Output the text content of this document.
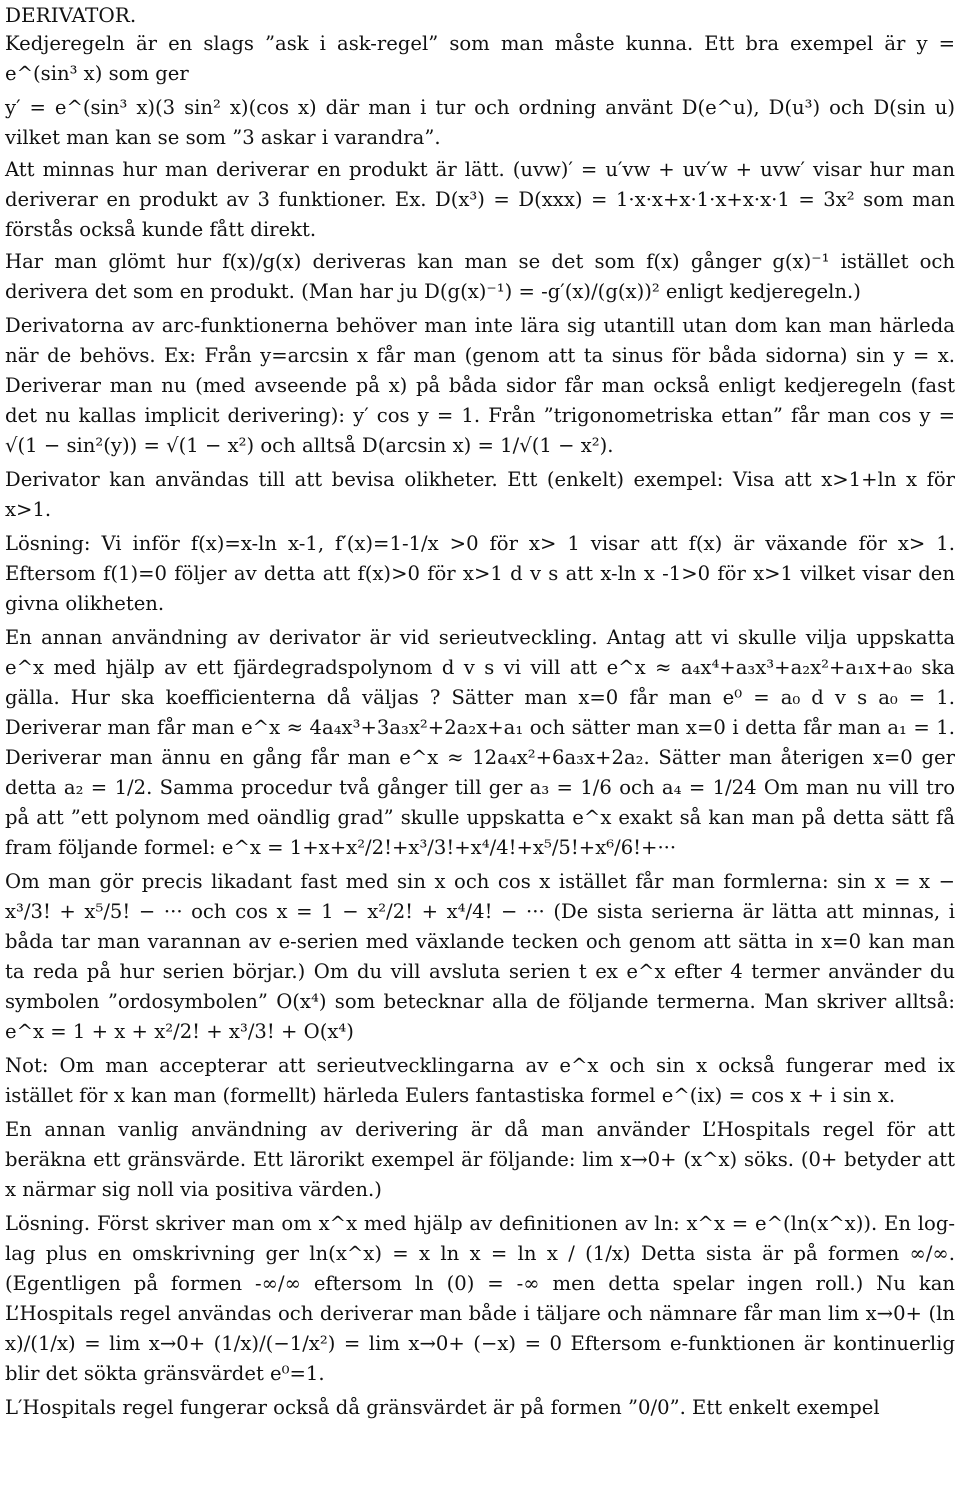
DERIVATOR.

Kedjeregeln är en slags ”ask i ask-regel” som man måste kunna. Ett bra exempel är y = e^(sin³ x) som ger

y′ = e^(sin³ x)(3 sin² x)(cos x) där man i tur och ordning använt D(e^u), D(u³) och D(sin u) vilket man kan se som ”3 askar i varandra”.

Att minnas hur man deriverar en produkt är lätt. (uvw)′ = u′vw + uv′w + uvw′ visar hur man deriverar en produkt av 3 funktioner. Ex. D(x³) = D(xxx) = 1·x·x+x·1·x+x·x·1 = 3x² som man förstås också kunde fått direkt.

Har man glömt hur f(x)/g(x) deriveras kan man se det som f(x) gånger g(x)⁻¹ istället och derivera det som en produkt. (Man har ju D(g(x)⁻¹) = -g′(x)/(g(x))² enligt kedjeregeln.)

Derivatorna av arc-funktionerna behöver man inte lära sig utantill utan dom kan man härleda när de behövs. Ex: Från y=arcsin x får man (genom att ta sinus för båda sidorna) sin y = x. Deriverar man nu (med avseende på x) på båda sidor får man också enligt kedjeregeln (fast det nu kallas implicit derivering): y′ cos y = 1. Från ”trigonometriska ettan” får man cos y = √(1 − sin²(y)) = √(1 − x²) och alltså D(arcsin x) = 1/√(1 − x²).

Derivator kan användas till att bevisa olikheter. Ett (enkelt) exempel: Visa att x>1+ln x för x>1.

Lösning: Vi inför f(x)=x-ln x-1, f′(x)=1-1/x >0 för x> 1 visar att f(x) är växande för x> 1. Eftersom f(1)=0 följer av detta att f(x)>0 för x>1 d v s att x-ln x -1>0 för x>1 vilket visar den givna olikheten.

En annan användning av derivator är vid serieutveckling. Antag att vi skulle vilja uppskatta e^x med hjälp av ett fjärdegradspolynom d v s vi vill att e^x ≈ a₄x⁴+a₃x³+a₂x²+a₁x+a₀ ska gälla. Hur ska koefficienterna då väljas ? Sätter man x=0 får man e⁰ = a₀ d v s a₀ = 1. Deriverar man får man e^x ≈ 4a₄x³+3a₃x²+2a₂x+a₁ och sätter man x=0 i detta får man a₁ = 1. Deriverar man ännu en gång får man e^x ≈ 12a₄x²+6a₃x+2a₂. Sätter man återigen x=0 ger detta a₂ = 1/2. Samma procedur två gånger till ger a₃ = 1/6 och a₄ = 1/24 Om man nu vill tro på att ”ett polynom med oändlig grad” skulle uppskatta e^x exakt så kan man på detta sätt få fram följande formel: e^x = 1+x+x²/2!+x³/3!+x⁴/4!+x⁵/5!+x⁶/6!+···

Om man gör precis likadant fast med sin x och cos x istället får man formlerna: sin x = x − x³/3! + x⁵/5! − ··· och cos x = 1 − x²/2! + x⁴/4! − ··· (De sista serierna är lätta att minnas, i båda tar man varannan av e-serien med växlande tecken och genom att sätta in x=0 kan man ta reda på hur serien börjar.) Om du vill avsluta serien t ex e^x efter 4 termer använder du symbolen ”ordosymbolen” O(x⁴) som betecknar alla de följande termerna. Man skriver alltså: e^x = 1 + x + x²/2! + x³/3! + O(x⁴)

Not: Om man accepterar att serieutvecklingarna av e^x och sin x också fungerar med ix istället för x kan man (formellt) härleda Eulers fantastiska formel e^(ix) = cos x + i sin x.

En annan vanlig användning av derivering är då man använder L’Hospitals regel för att beräkna ett gränsvärde. Ett lärorikt exempel är följande: lim x→0+ (x^x) söks. (0+ betyder att x närmar sig noll via positiva värden.)

Lösning. Först skriver man om x^x med hjälp av definitionen av ln: x^x = e^(ln(x^x)). En log-lag plus en omskrivning ger ln(x^x) = x ln x = ln x / (1/x) Detta sista är på formen ∞/∞. (Egentligen på formen -∞/∞ eftersom ln (0) = -∞ men detta spelar ingen roll.) Nu kan L’Hospitals regel användas och deriverar man både i täljare och nämnare får man lim x→0+ (ln x)/(1/x) = lim x→0+ (1/x)/(−1/x²) = lim x→0+ (−x) = 0 Eftersom e-funktionen är kontinuerlig blir det sökta gränsvärdet e⁰=1.

L′Hospitals regel fungerar också då gränsvärdet är på formen ”0/0”. Ett enkelt exempel
